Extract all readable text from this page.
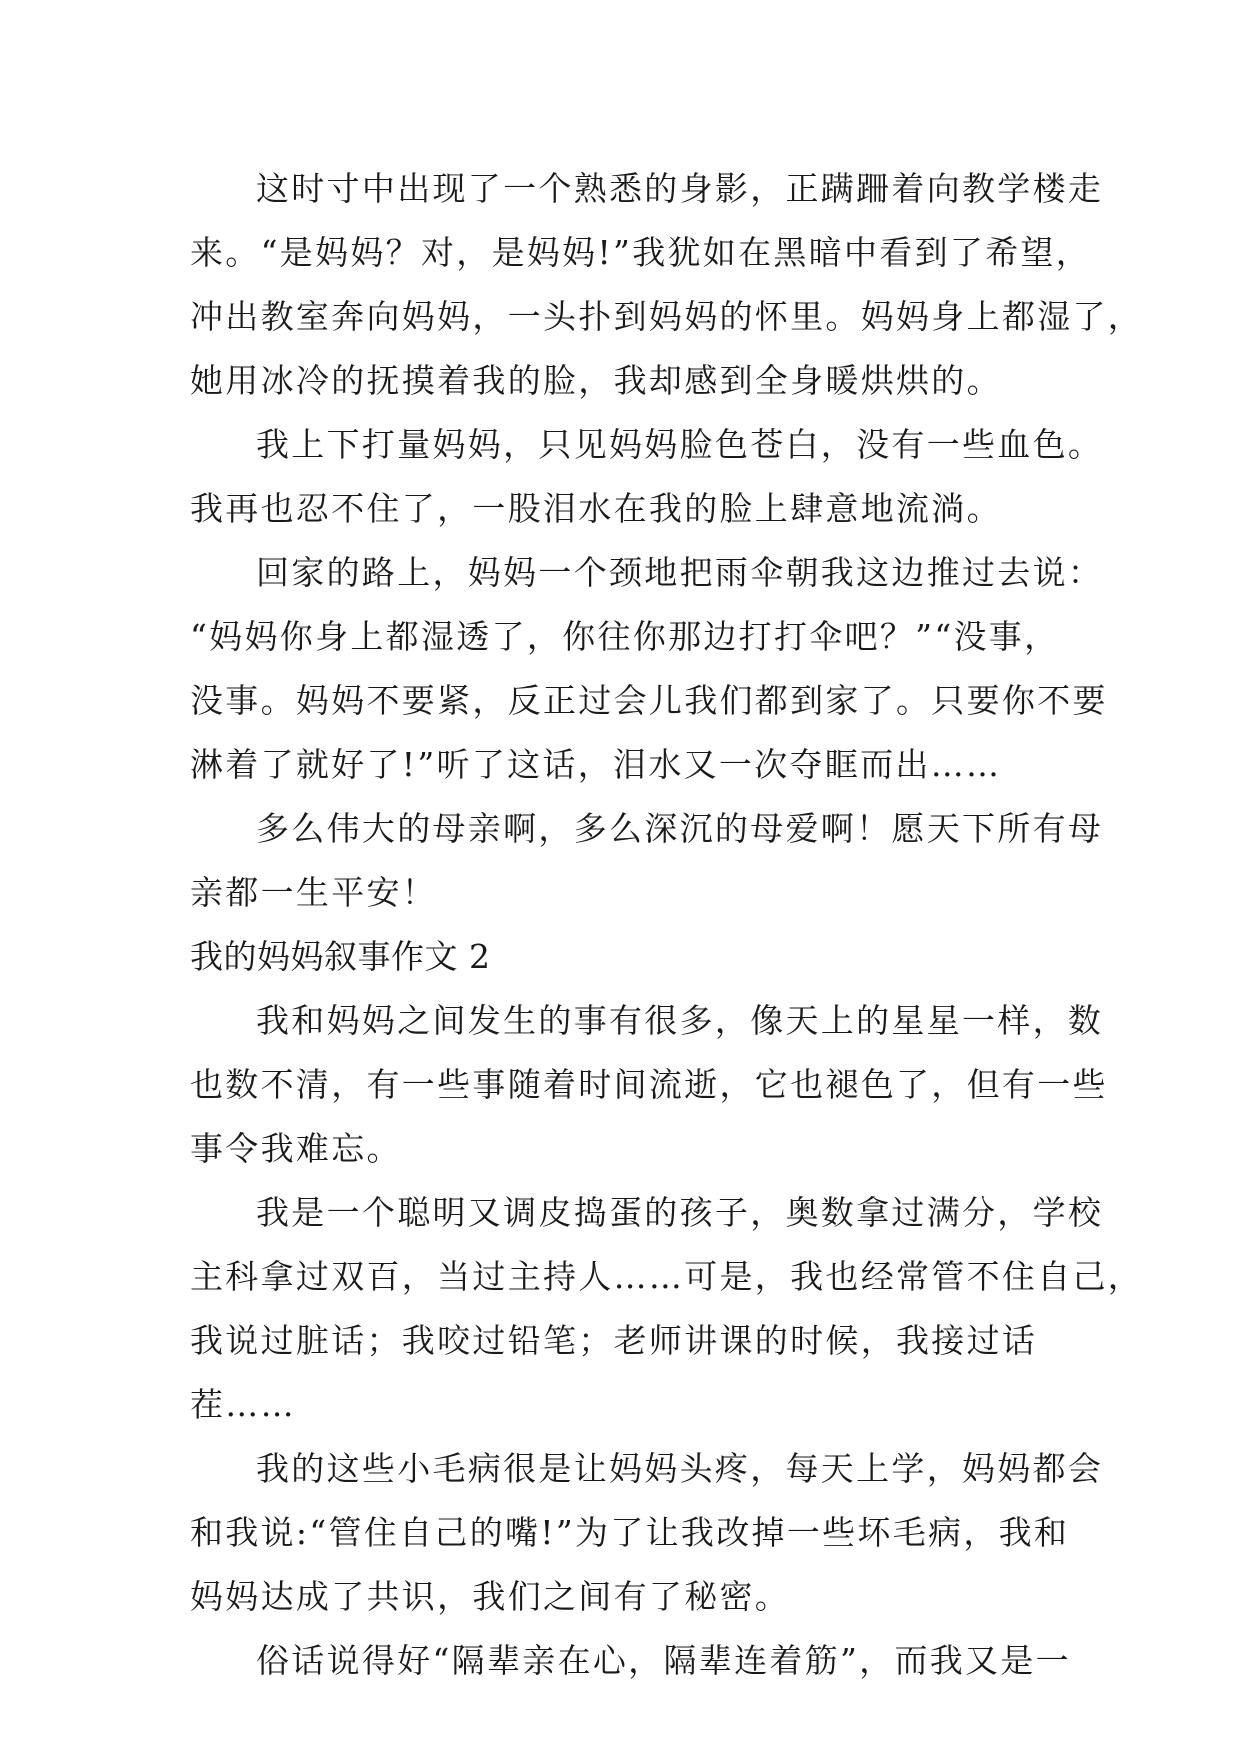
这时寸中出现了一个熟悉的身影，正蹒跚着向教学楼走
来。“是妈妈？对，是妈妈!”我犹如在黑暗中看到了希望，
冲出教室奔向妈妈，一头扑到妈妈的怀里。妈妈身上都湿了，
她用冰冷的抚摸着我的脸，我却感到全身暖烘烘的。
我上下打量妈妈，只见妈妈脸色苍白，没有一些血色。
我再也忍不住了，一股泪水在我的脸上肆意地流淌。
回家的路上，妈妈一个颈地把雨伞朝我这边推过去说：
“妈妈你身上都湿透了，你往你那边打打伞吧？”“没事，
没事。妈妈不要紧，反正过会儿我们都到家了。只要你不要
淋着了就好了!”听了这话，泪水又一次夺眶而出……
多么伟大的母亲啊，多么深沉的母爱啊！愿天下所有母
亲都一生平安！
我的妈妈叙事作文 2
我和妈妈之间发生的事有很多，像天上的星星一样，数
也数不清，有一些事随着时间流逝，它也褪色了，但有一些
事令我难忘。
我是一个聪明又调皮捣蛋的孩子，奥数拿过满分，学校
主科拿过双百，当过主持人……可是，我也经常管不住自己，
我说过脏话；我咬过铅笔；老师讲课的时候，我接过话
茬……
我的这些小毛病很是让妈妈头疼，每天上学，妈妈都会
和我说:“管住自己的嘴!”为了让我改掉一些坏毛病，我和
妈妈达成了共识，我们之间有了秘密。
俗话说得好“隔辈亲在心，隔辈连着筋”，而我又是一
